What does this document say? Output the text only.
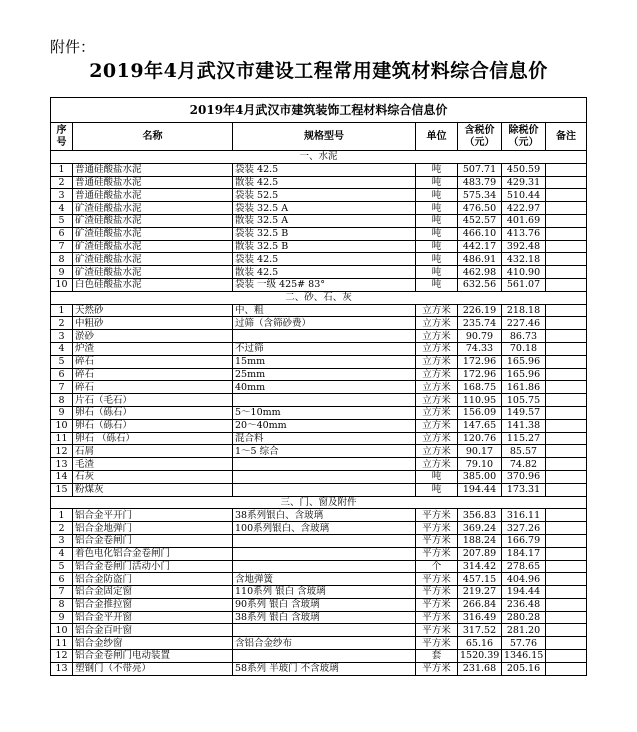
附件：
2019年4月武汉市建设工程常用建筑材料综合信息价
2019年4月武汉市建筑装饰工程材料综合信息价						
序号	名称	规格型号	单位	含税价（元）	除税价（元）	备注
一、水泥						
1	普通硅酸盐水泥	袋装 42.5	吨	507.71	450.59	
2	普通硅酸盐水泥	散装 42.5	吨	483.79	429.31	
3	普通硅酸盐水泥	袋装 52.5	吨	575.34	510.44	
4	矿渣硅酸盐水泥	袋装 32.5 A	吨	476.50	422.97	
5	矿渣硅酸盐水泥	散装 32.5 A	吨	452.57	401.69	
6	矿渣硅酸盐水泥	袋装 32.5 B	吨	466.10	413.76	
7	矿渣硅酸盐水泥	散装 32.5 B	吨	442.17	392.48	
8	矿渣硅酸盐水泥	袋装 42.5	吨	486.91	432.18	
9	矿渣硅酸盐水泥	散装 42.5	吨	462.98	410.90	
10	白色硅酸盐水泥	袋装 一级 425# 83°	吨	632.56	561.07	
二、砂、石、灰						
1	天然砂	中、粗	立方米	226.19	218.18	
2	中粗砂	过筛（含筛砂费）	立方米	235.74	227.46	
3	淤砂		立方米	90.79	86.73	
4	炉渣	不过筛	立方米	74.33	70.18	
5	碎石	15mm	立方米	172.96	165.96	
6	碎石	25mm	立方米	172.96	165.96	
7	碎石	40mm	立方米	168.75	161.86	
8	片石（毛石）		立方米	110.95	105.75	
9	卵石（砾石）	5～10mm	立方米	156.09	149.57	
10	卵石（砾石）	20～40mm	立方米	147.65	141.38	
11	卵石 （砾石）	混合料	立方米	120.76	115.27	
12	石屑	1～5 综合	立方米	90.17	85.57	
13	毛渣		立方米	79.10	74.82	
14	石灰		吨	385.00	370.96	
15	粉煤灰		吨	194.44	173.31	
三、门、窗及附件						
1	铝合金平开门	38系列银白、含玻璃	平方米	356.83	316.11	
2	铝合金地弹门	100系列银白、含玻璃	平方米	369.24	327.26	
3	铝合金卷闸门		平方米	188.24	166.79	
4	着色电化铝合金卷闸门		平方米	207.89	184.17	
5	铝合金卷闸门活动小门		个	314.42	278.65	
6	铝合金防盗门	含地弹簧	平方米	457.15	404.96	
7	铝合金固定窗	110系列 银白 含玻璃	平方米	219.27	194.44	
8	铝合金推拉窗	90系列 银白 含玻璃	平方米	266.84	236.48	
9	铝合金平开窗	38系列 银白 含玻璃	平方米	316.49	280.28	
10	铝合金百叶窗		平方米	317.52	281.20	
11	铝合金纱窗	含铝合金纱布	平方米	65.16	57.76	
12	铝合金卷闸门电动装置		套	1520.39	1346.15	
13	塑钢门（不带亮）	58系列 半玻门 不含玻璃	平方米	231.68	205.16	
